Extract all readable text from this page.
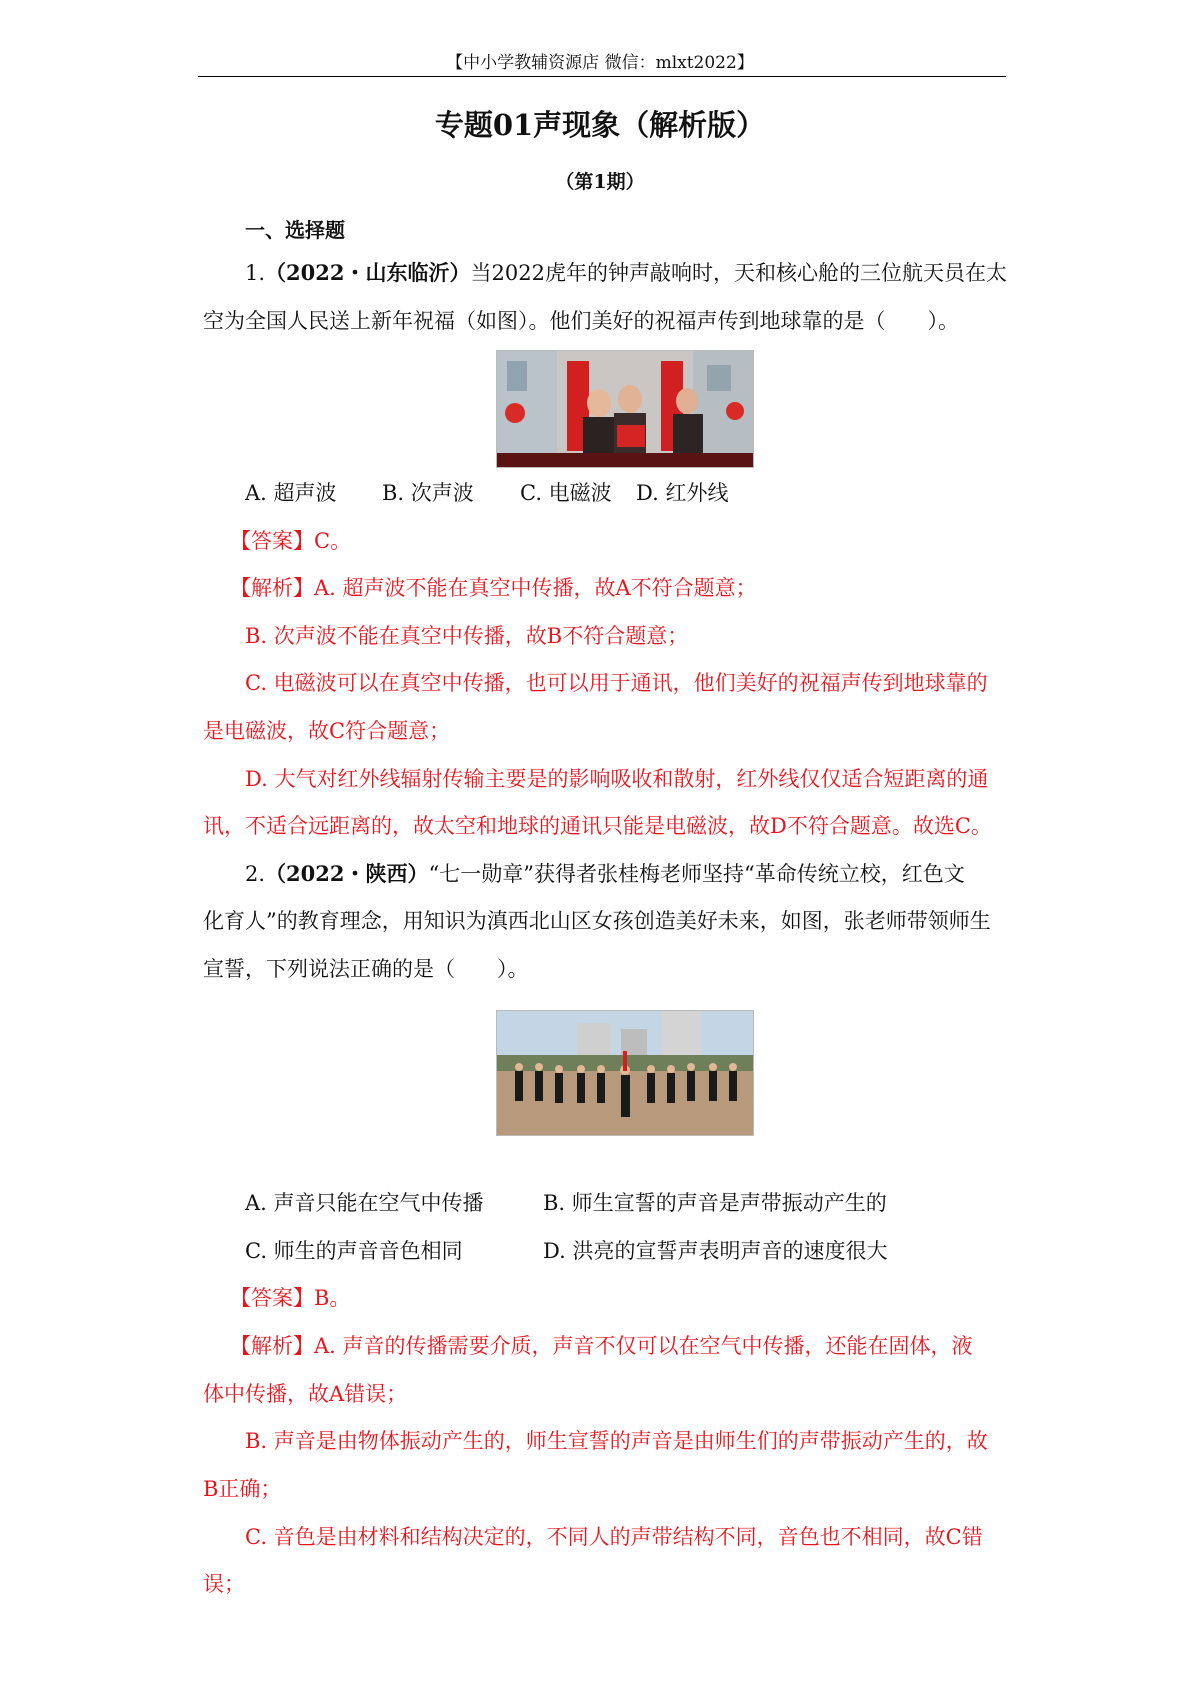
【中小学教辅资源店 微信：mlxt2022】
专题01声现象（解析版）
（第1期）
一、选择题
1.（2022・山东临沂）当2022虎年的钟声敲响时，天和核心舱的三位航天员在太
空为全国人民送上新年祝福（如图）。他们美好的祝福声传到地球靠的是（　　）。
A. 超声波 B. 次声波 C. 电磁波 D. 红外线
【答案】C。
【解析】A. 超声波不能在真空中传播，故A不符合题意；
B. 次声波不能在真空中传播，故B不符合题意；
C. 电磁波可以在真空中传播，也可以用于通讯，他们美好的祝福声传到地球靠的
是电磁波，故C符合题意；
D. 大气对红外线辐射传输主要是的影响吸收和散射，红外线仅仅适合短距离的通
讯，不适合远距离的，故太空和地球的通讯只能是电磁波，故D不符合题意。故选C。
2.（2022・陕西）“七一勋章”获得者张桂梅老师坚持“革命传统立校，红色文
化育人”的教育理念，用知识为滇西北山区女孩创造美好未来，如图，张老师带领师生
宣誓，下列说法正确的是（　　）。
A. 声音只能在空气中传播	B. 师生宣誓的声音是声带振动产生的
C. 师生的声音音色相同	D. 洪亮的宣誓声表明声音的速度很大
【答案】B。
【解析】A. 声音的传播需要介质，声音不仅可以在空气中传播，还能在固体，液
体中传播，故A错误；
B. 声音是由物体振动产生的，师生宣誓的声音是由师生们的声带振动产生的，故
B正确；
C. 音色是由材料和结构决定的，不同人的声带结构不同，音色也不相同，故C错
误；
